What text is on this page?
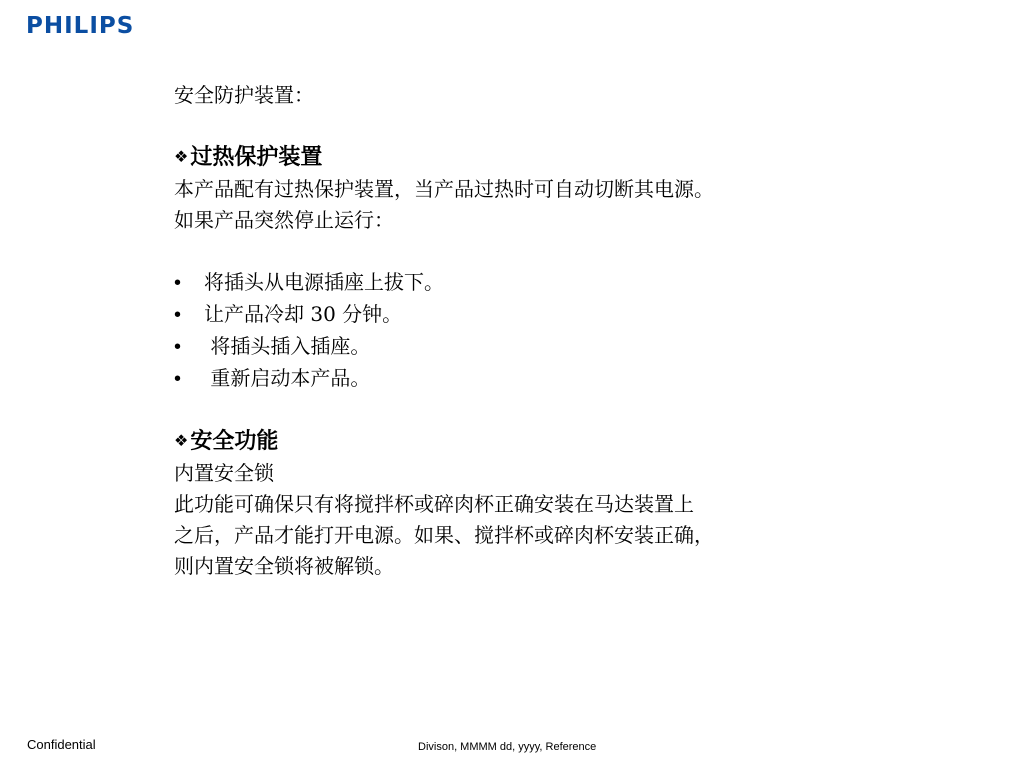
PHILIPS
安全防护装置：
❖过热保护装置
本产品配有过热保护装置，当产品过热时可自动切断其电源。
如果产品突然停止运行：
•	将插头从电源插座上拔下。
•	让产品冷却 30 分钟。
•	将插头插入插座。
•	重新启动本产品。
❖安全功能
内置安全锁
此功能可确保只有将搅拌杯或碎肉杯正确安装在马达装置上
之后，产品才能打开电源。如果、搅拌杯或碎肉杯安装正确，
则内置安全锁将被解锁。
Confidential	Divison, MMMM dd, yyyy, Reference
